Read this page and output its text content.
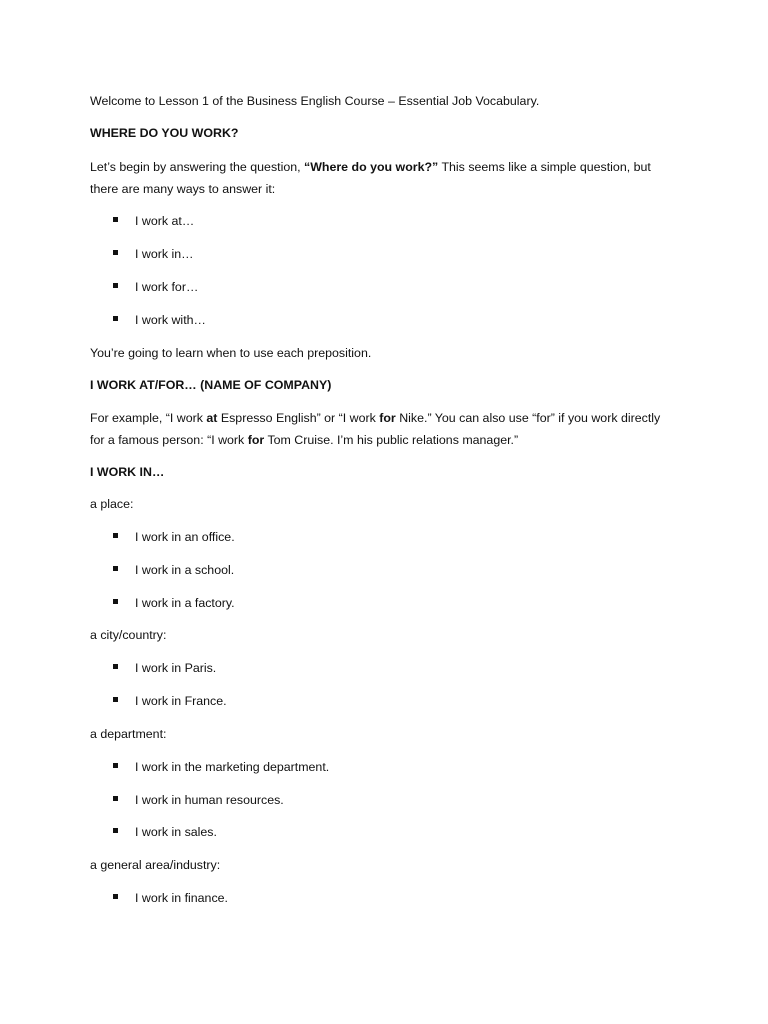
Welcome to Lesson 1 of the Business English Course – Essential Job Vocabulary.
WHERE DO YOU WORK?
Let’s begin by answering the question, “Where do you work?” This seems like a simple question, but
there are many ways to answer it:
I work at…
I work in…
I work for…
I work with…
You’re going to learn when to use each preposition.
I WORK AT/FOR… (NAME OF COMPANY)
For example, “I work at Espresso English” or “I work for Nike.” You can also use “for” if you work directly
for a famous person: “I work for Tom Cruise. I’m his public relations manager.”
I WORK IN…
a place:
I work in an office.
I work in a school.
I work in a factory.
a city/country:
I work in Paris.
I work in France.
a department:
I work in the marketing department.
I work in human resources.
I work in sales.
a general area/industry:
I work in finance.
